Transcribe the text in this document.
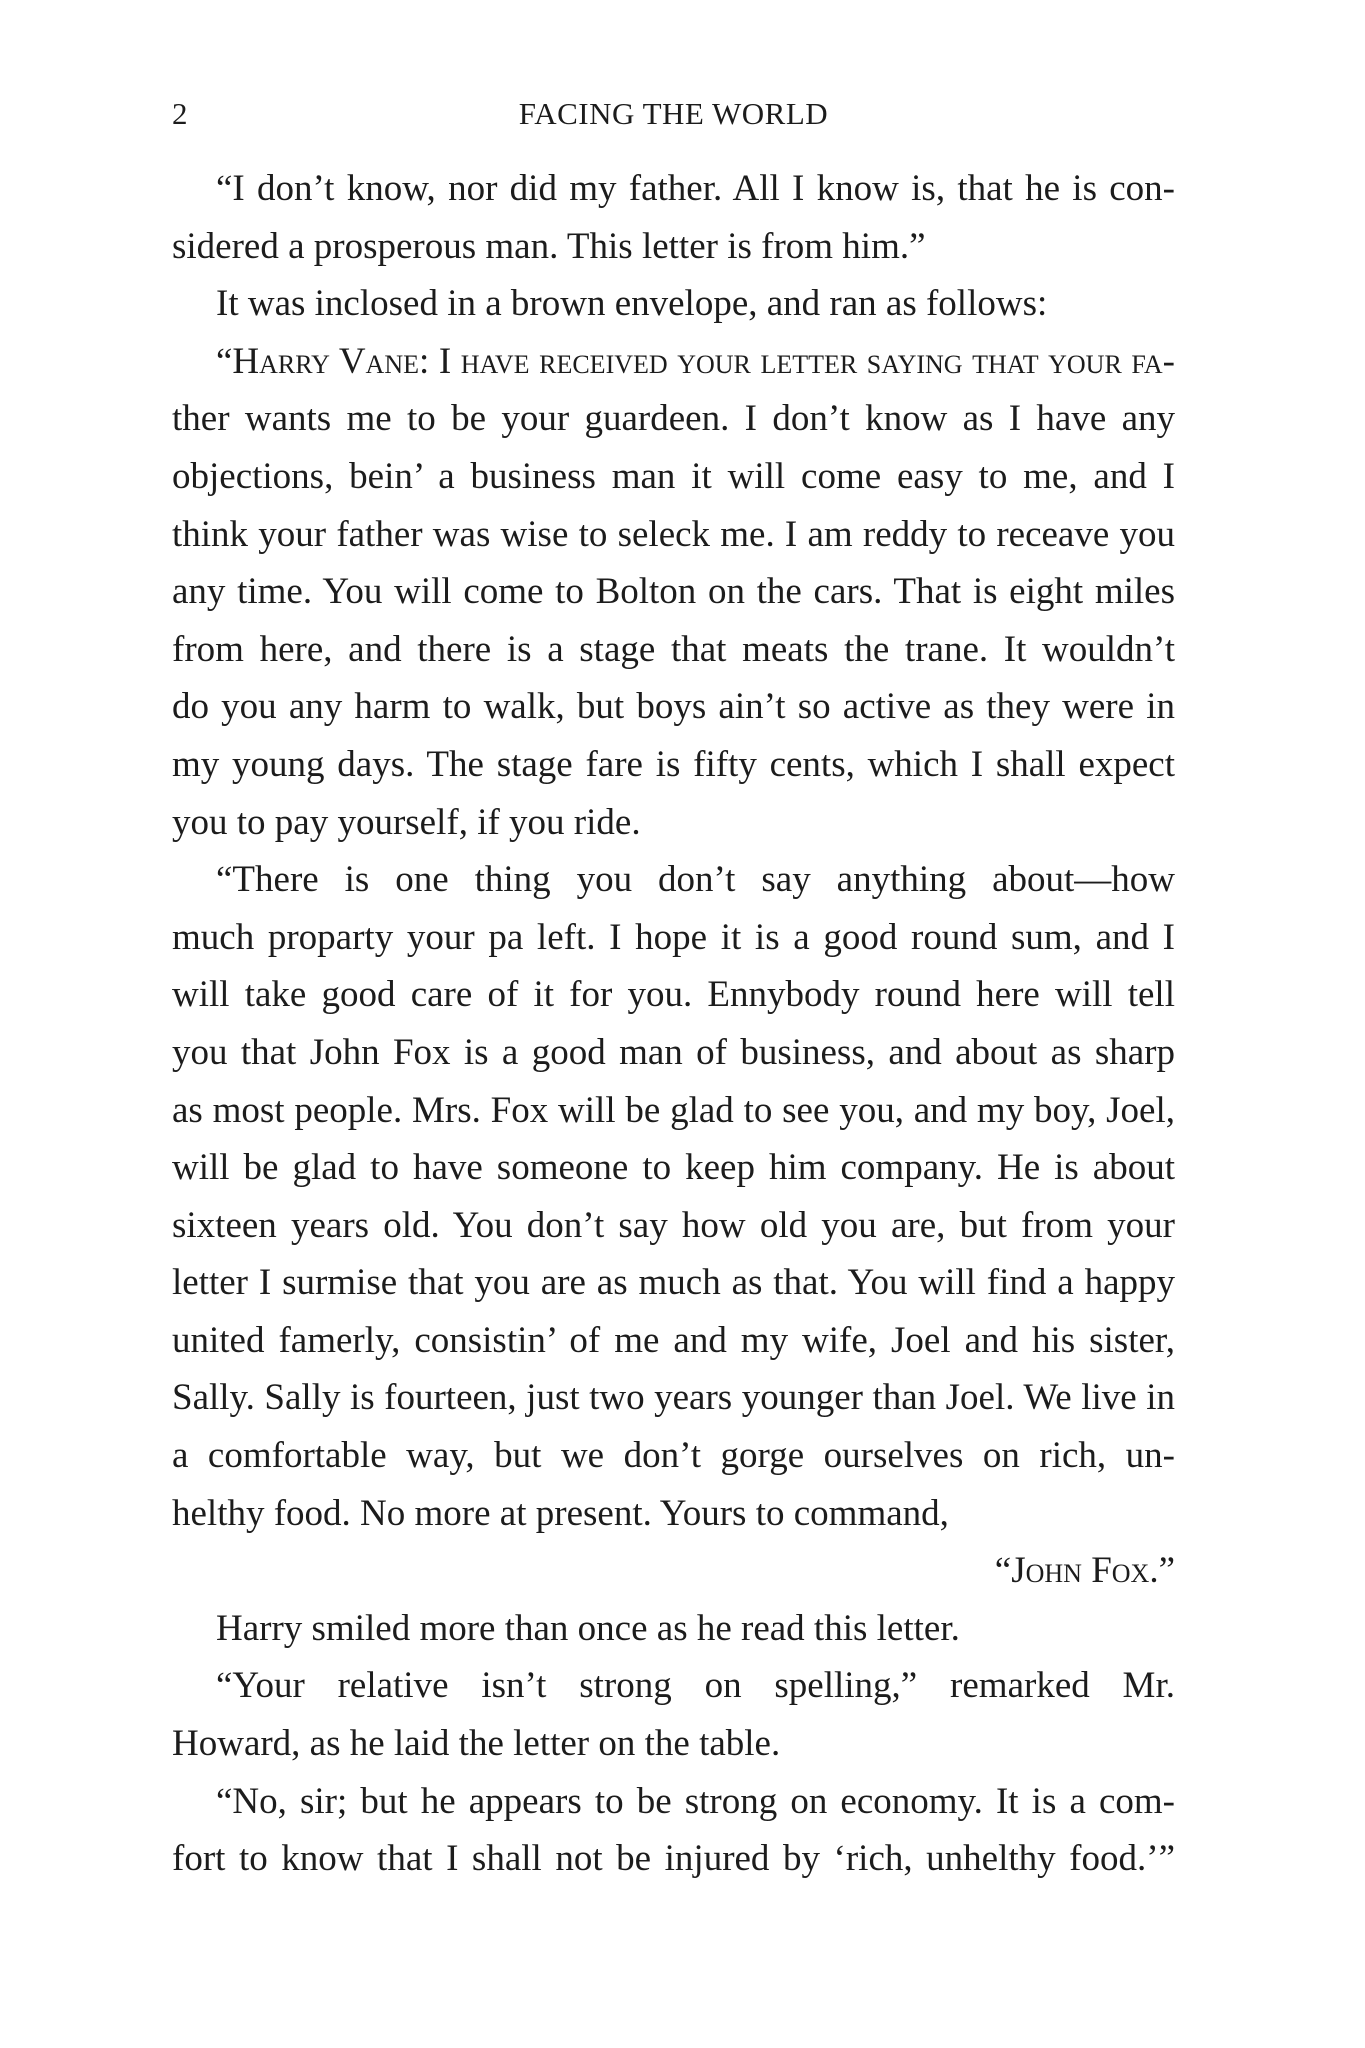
2	FACING THE WORLD
“I don’t know, nor did my father. All I know is, that he is con-
sidered a prosperous man. This letter is from him.”
It was inclosed in a brown envelope, and ran as follows:
“Harry Vane: I have received your letter saying that your fa-
ther wants me to be your guardeen. I don’t know as I have any
objections, bein’ a business man it will come easy to me, and I
think your father was wise to seleck me. I am reddy to receave you
any time. You will come to Bolton on the cars. That is eight miles
from here, and there is a stage that meats the trane. It wouldn’t
do you any harm to walk, but boys ain’t so active as they were in
my young days. The stage fare is fifty cents, which I shall expect
you to pay yourself, if you ride.
“There is one thing you don’t say anything about—how
much proparty your pa left. I hope it is a good round sum, and I
will take good care of it for you. Ennybody round here will tell
you that John Fox is a good man of business, and about as sharp
as most people. Mrs. Fox will be glad to see you, and my boy, Joel,
will be glad to have someone to keep him company. He is about
sixteen years old. You don’t say how old you are, but from your
letter I surmise that you are as much as that. You will find a happy
united famerly, consistin’ of me and my wife, Joel and his sister,
Sally. Sally is fourteen, just two years younger than Joel. We live in
a comfortable way, but we don’t gorge ourselves on rich, un-
helthy food. No more at present. Yours to command,
“John Fox.”
Harry smiled more than once as he read this letter.
“Your relative isn’t strong on spelling,” remarked Mr.
Howard, as he laid the letter on the table.
“No, sir; but he appears to be strong on economy. It is a com-
fort to know that I shall not be injured by ‘rich, unhelthy food.’”
